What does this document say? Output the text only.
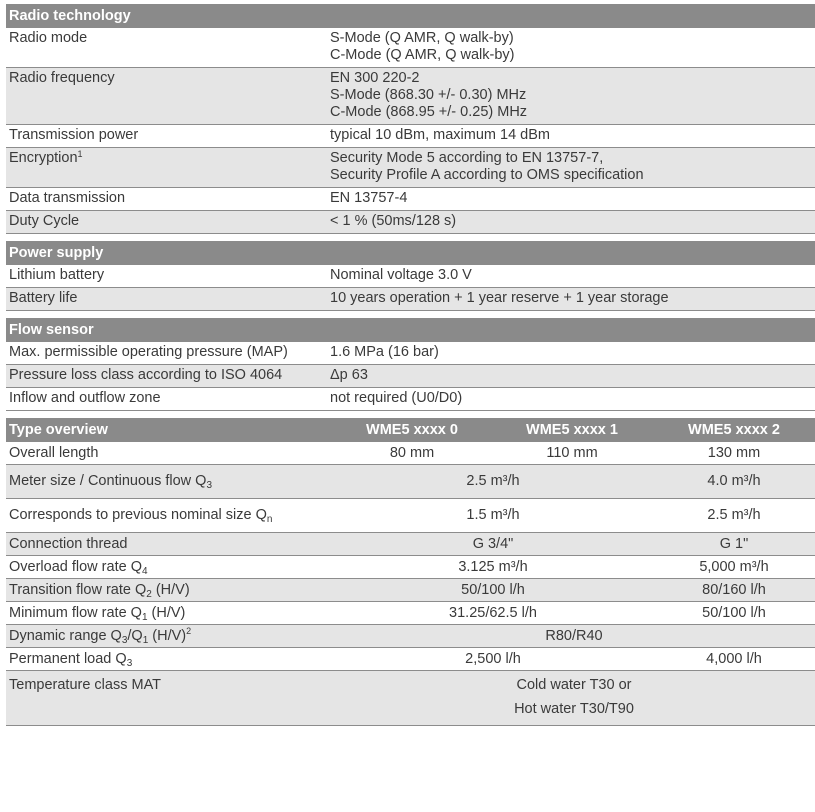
Radio technology
Radio mode	S-Mode (Q AMR, Q walk-by)
C-Mode (Q AMR, Q walk-by)
Radio frequency	EN 300 220-2
S-Mode (868.30 +/- 0.30) MHz
C-Mode (868.95 +/- 0.25) MHz
Transmission power	typical 10 dBm, maximum 14 dBm
Encryption$^1$	Security Mode 5 according to EN 13757-7,
Security Profile A according to OMS specification
Data transmission	EN 13757-4
Duty Cycle	< 1 % (50ms/128 s)
Power supply
Lithium battery	Nominal voltage 3.0 V
Battery life	10 years operation + 1 year reserve + 1 year storage
Flow sensor
Max. permissible operating pressure (MAP)	1.6 MPa (16 bar)
Pressure loss class according to ISO 4064	Δp 63
Inflow and outflow zone	not required (U0/D0)
Type overview	WME5 xxxx 0	WME5 xxxx 1	WME5 xxxx 2
Overall length	80 mm	110 mm	130 mm
Meter size / Continuous flow Q 3	2.5 m³/h	4.0 m³/h
Corresponds to previous nominal size Q n	1.5 m³/h	2.5 m³/h
Connection thread	G 3/4"	G 1"
Overload flow rate Q 4	3.125 m³/h	5,000 m³/h
Transition flow rate Q 2 (H/V)	50/100 l/h	80/160 l/h
Minimum flow rate Q 1 (H/V)	31.25/62.5 l/h	50/100 l/h
Dynamic range Q 3 /Q 1 (H/V) 2	R80/R40
Permanent load Q 3	2,500 l/h	4,000 l/h
Temperature class MAT	Cold water T30 or
Hot water T30/T90
